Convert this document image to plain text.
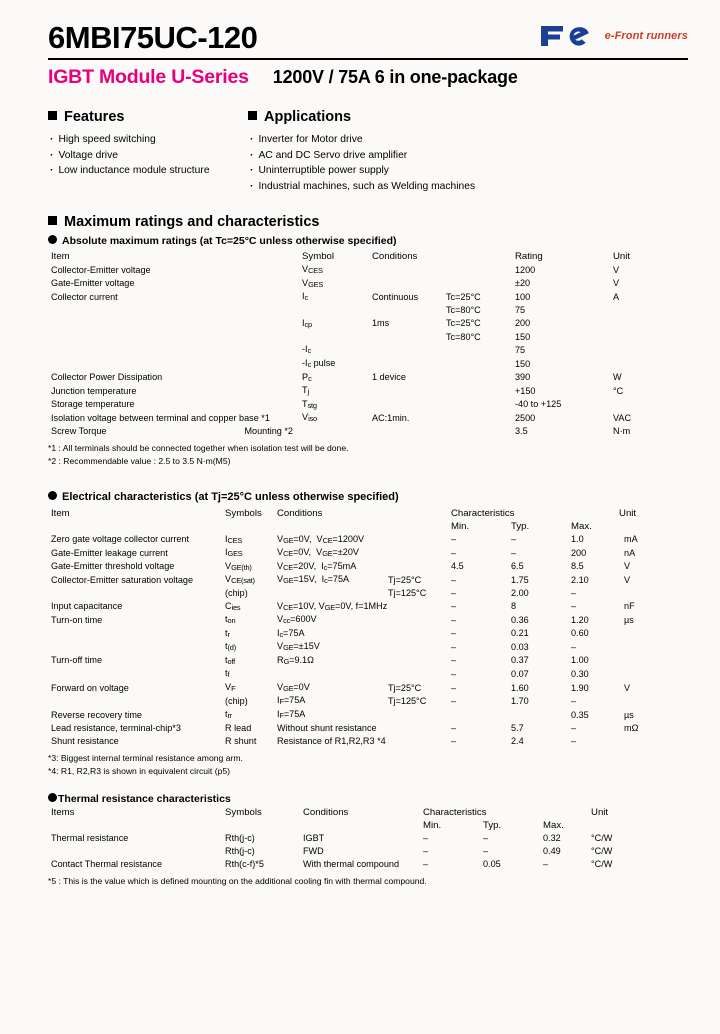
6MBI75UC-120	e-Front runners
IGBT Module U-Series 1200V / 75A 6 in one-package
Features
· High speed switching
· Voltage drive
· Low inductance module structure
Applications
· Inverter for Motor drive
· AC and DC Servo drive amplifier
· Uninterruptible power supply
· Industrial machines, such as Welding machines
Maximum ratings and characteristics
Absolute maximum ratings (at Tc=25°C unless otherwise specified)
Item	Symbol	Conditions		Rating	Unit
Collector-Emitter voltage	$V_{CES}$			1200	V
Gate-Emitter voltage	$V_{GES}$			±20	V
Collector current	$I_c$	Continuous	Tc=25°C	100	A
			Tc=80°C	75	
	$I_{cp}$	1ms	Tc=25°C	200	
			Tc=80°C	150	
	$-I_c$			75	
	$-I_c$ pulse			150	
Collector Power Dissipation	$P_c$	1 device		390	W
Junction temperature	$T_j$			+150	°C
Storage temperature	$T_{stg}$			-40 to +125	
Isolation voltage between terminal and copper base *1	$V_{iso}$	AC:1min.		2500	VAC
Screw Torque Mounting *2				3.5	N·m
*1 : All terminals should be connected together when isolation test will be done.
*2 : Recommendable value : 2.5 to 3.5 N·m(M5)
Electrical characteristics (at Tj=25°C unless otherwise specified)
Item	Symbols	Conditions		Characteristics			Unit
				Min.	Typ.	Max.	
Zero gate voltage collector current	$I_{CES}$	$V_{GE}=0V$,  $V_{CE}=1200V$		–	–	1.0	mA
Gate-Emitter leakage current	$I_{GES}$	$V_{CE}=0V$,  $V_{GE}=\pm 20V$		–	–	200	nA
Gate-Emitter threshold voltage	$V_{GE(th)}$	$V_{CE}=20V$,  $I_c=75mA$		4.5	6.5	8.5	V
Collector-Emitter saturation voltage	$V_{CE(sat)}$	$V_{GE}=15V$,  $I_c=75A$	Tj=25°C	–	1.75	2.10	V
	(chip)		Tj=125°C	–	2.00	–	
Input capacitance	$C_{ies}$	$V_{CE}=10V$, $V_{GE}=0V$, f=1MHz		–	8	–	nF
Turn-on time	$t_{on}$	$V_{cc}=600V$		–	0.36	1.20	µs
	$t_r$	$I_c=75A$		–	0.21	0.60	
	$t_{(d)}$	$V_{GE}=\pm 15V$		–	0.03	–	
Turn-off time	$t_{off}$	$R_G=9.1\Omega$		–	0.37	1.00	
	$t_f$			–	0.07	0.30	
Forward on voltage	$V_F$	$V_{GE}=0V$	Tj=25°C	–	1.60	1.90	V
	(chip)	$I_F=75A$	Tj=125°C	–	1.70	–	
Reverse recovery time	$t_{rr}$	$I_F=75A$				0.35	µs
Lead resistance, terminal-chip*3	R lead	Without shunt resistance		–	5.7	–	mΩ
Shunt resistance	R shunt	Resistance of R1,R2,R3 *4		–	2.4	–	
*3: Biggest internal terminal resistance among arm.
*4: R1, R2,R3 is shown in equivalent circuit (p5)
Thermal resistance characteristics
Items	Symbols	Conditions	Characteristics			Unit
			Min.	Typ.	Max.	
Thermal resistance	Rth(j-c)	IGBT	–	–	0.32	°C/W
	Rth(j-c)	FWD	–	–	0.49	°C/W
Contact Thermal resistance	Rth(c-f)*5	With thermal compound	–	0.05	–	°C/W
*5 : This is the value which is defined mounting on the additional cooling fin with thermal compound.
